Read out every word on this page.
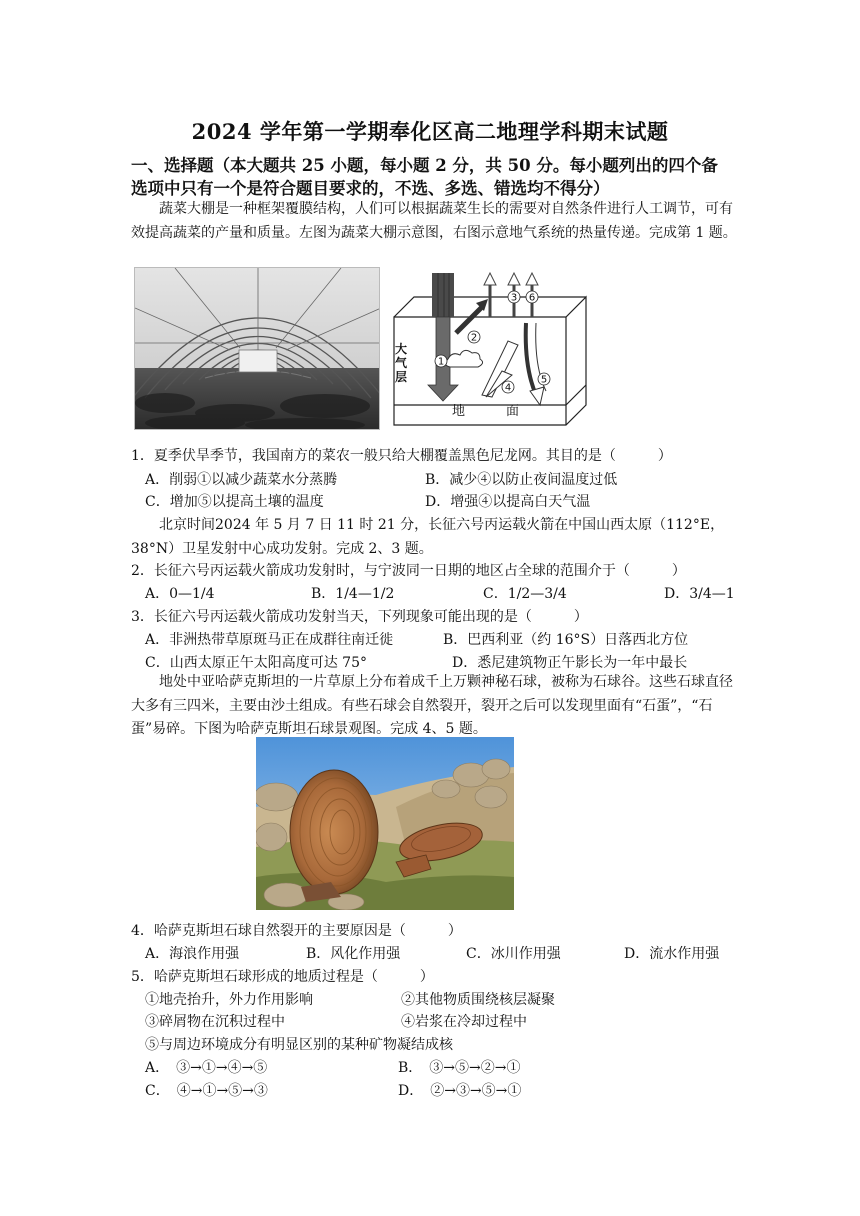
2024 学年第一学期奉化区高二地理学科期末试题
一、选择题（本大题共 25 小题，每小题 2 分，共 50 分。每小题列出的四个备
选项中只有一个是符合题目要求的，不选、多选、错选均不得分）
蔬菜大棚是一种框架覆膜结构，人们可以根据蔬菜生长的需要对自然条件进行人工调节，可有效提高蔬菜的产量和质量。左图为蔬菜大棚示意图，右图示意地气系统的热量传递。完成第 1 题。
1
2
3
4
5
6
大气层
地	面
1．夏季伏旱季节，我国南方的菜农一般只给大棚覆盖黑色尼龙网。其目的是（　　　）
A．削弱①以减少蔬菜水分蒸腾	B．减少④以防止夜间温度过低
C．增加⑤以提高土壤的温度	D．增强④以提高白天气温
北京时间2024 年 5 月 7 日 11 时 21 分，长征六号丙运载火箭在中国山西太原（112°E，38°N）卫星发射中心成功发射。完成 2、3 题。
2．长征六号丙运载火箭成功发射时，与宁波同一日期的地区占全球的范围介于（　　　）
A．0—1/4	B．1/4—1/2	C．1/2—3/4	D．3/4—1
3．长征六号丙运载火箭成功发射当天，下列现象可能出现的是（　　　）
A．非洲热带草原斑马正在成群往南迁徙	B．巴西利亚（约 16°S）日落西北方位
C．山西太原正午太阳高度可达 75°	D．悉尼建筑物正午影长为一年中最长
地处中亚哈萨克斯坦的一片草原上分布着成千上万颗神秘石球，被称为石球谷。这些石球直径大多有三四米，主要由沙土组成。有些石球会自然裂开，裂开之后可以发现里面有“石蛋”，“石蛋”易碎。下图为哈萨克斯坦石球景观图。完成 4、5 题。
4．哈萨克斯坦石球自然裂开的主要原因是（　　　）
A．海浪作用强	B．风化作用强	C．冰川作用强	D．流水作用强
5．哈萨克斯坦石球形成的地质过程是（　　　）
①地壳抬升，外力作用影响	②其他物质围绕核层凝聚
③碎屑物在沉积过程中	④岩浆在冷却过程中
⑤与周边环境成分有明显区别的某种矿物凝结成核
A．　③→①→④→⑤	B．　③→⑤→②→①
C．　④→①→⑤→③	D．　②→③→⑤→①
